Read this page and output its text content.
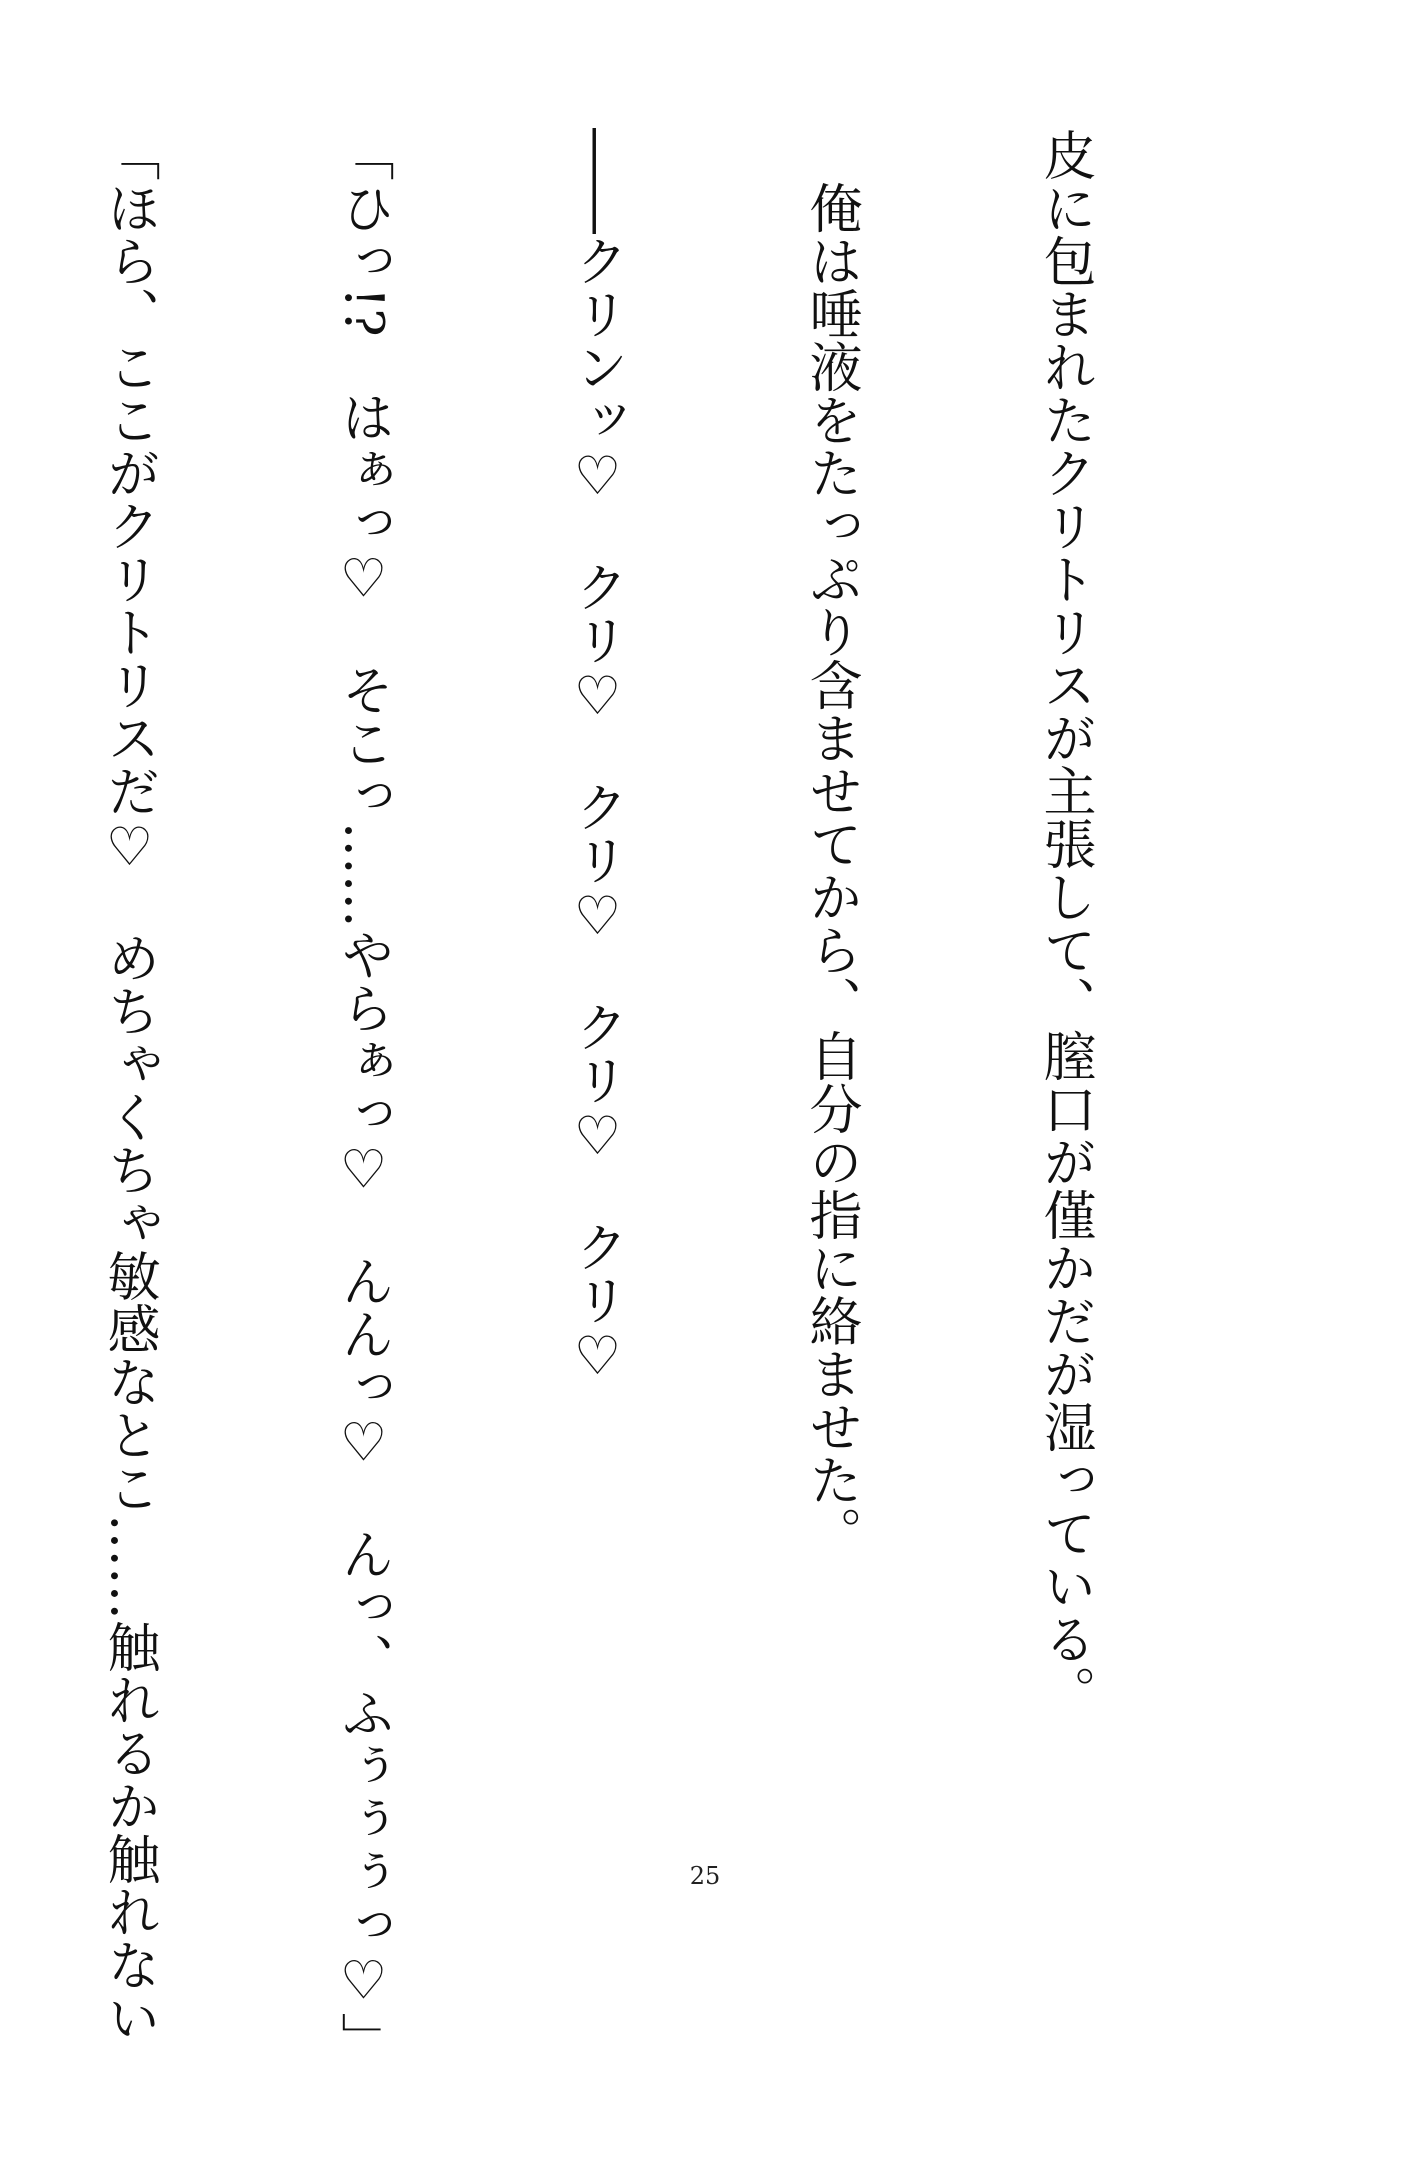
皮に包まれたクリトリスが主張して、膣口が僅かだが湿っている。

　俺は唾液をたっぷり含ませてから、自分の指に絡ませた。

――クリンッ♡　クリ♡　クリ♡　クリ♡　クリ♡

「ひっ!?　はぁっ♡　そこっ……やらぁっ♡　んんっ♡　んっ、ふぅぅぅっ♡」

「ほら、ここがクリトリスだ♡　めちゃくちゃ敏感なとこ……触れるか触れない

	25
